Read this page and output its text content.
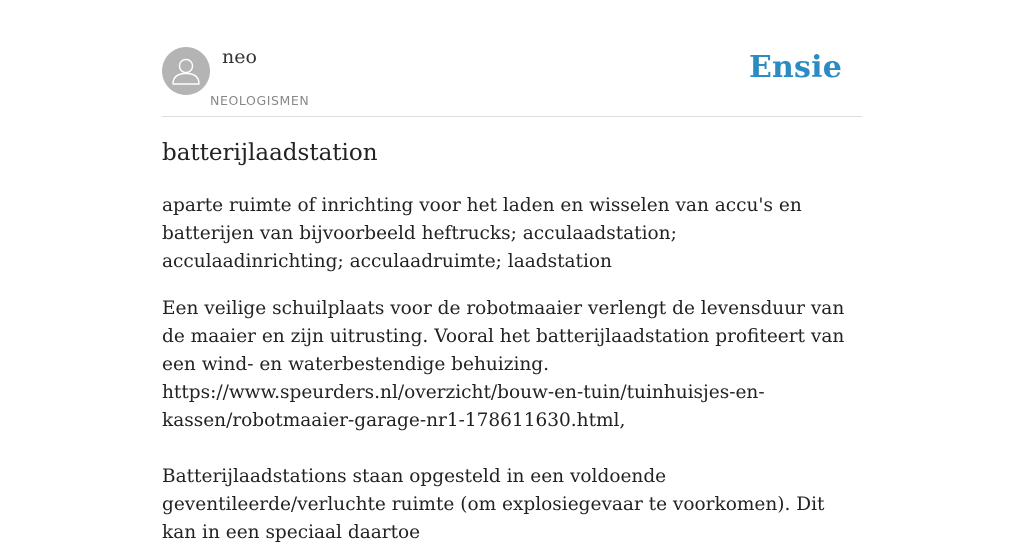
neo
NEOLOGISMEN
Ensie
batterijlaadstation

aparte ruimte of inrichting voor het laden en wisselen van accu's en batterijen van bijvoorbeeld heftrucks; acculaadstation; acculaadinrichting; acculaadruimte; laadstation

Een veilige schuilplaats voor de robotmaaier verlengt de levensduur van de maaier en zijn uitrusting. Vooral het batterijlaadstation profiteert van een wind- en waterbestendige behuizing.
https://www.speurders.nl/overzicht/bouw-en-tuin/tuinhuisjes-en-kassen/robotmaaier-garage-nr1-178611630.html,
Batterijlaadstations staan opgesteld in een voldoende geventileerde/verluchte ruimte (om explosiegevaar te voorkomen). Dit kan in een speciaal daartoe
